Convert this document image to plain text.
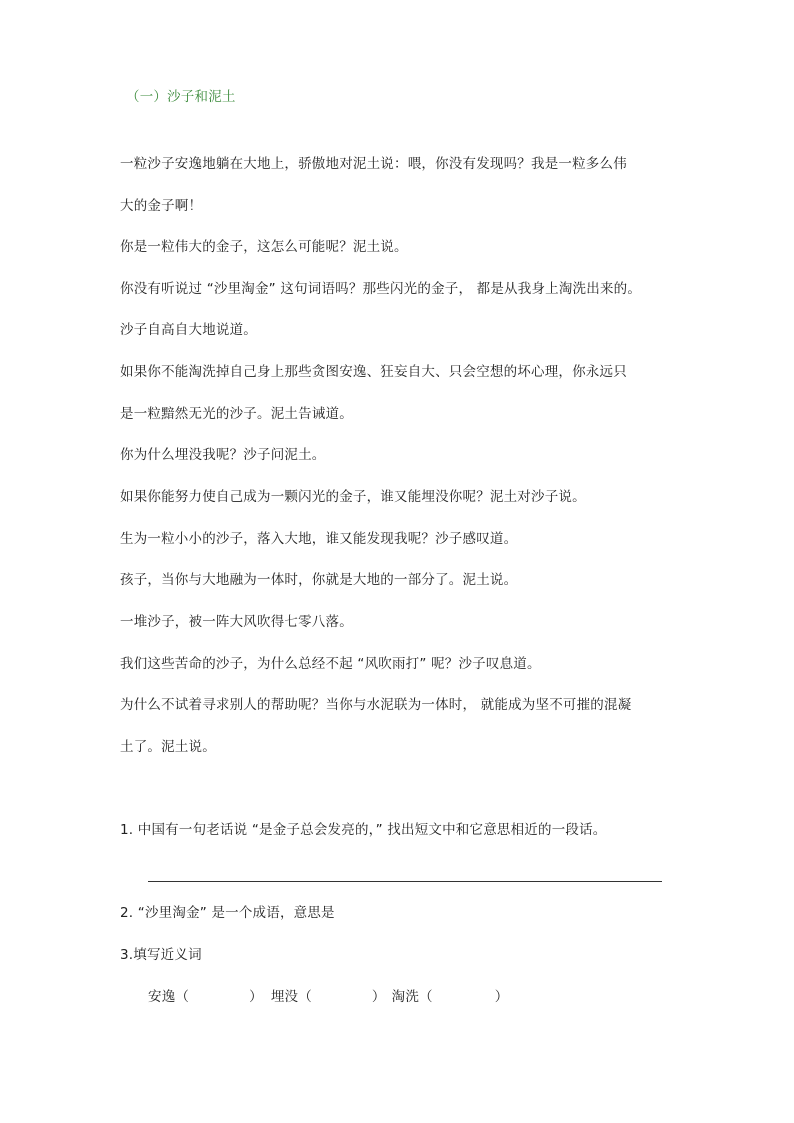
（一）沙子和泥土
一粒沙子安逸地躺在大地上，骄傲地对泥土说：喂，你没有发现吗？我是一粒多么伟
大的金子啊！
你是一粒伟大的金子，这怎么可能呢？泥土说。
你没有听说过 “沙里淘金” 这句词语吗？那些闪光的金子， 都是从我身上淘洗出来的。
沙子自高自大地说道。
如果你不能淘洗掉自己身上那些贪图安逸、狂妄自大、只会空想的坏心理，你永远只
是一粒黯然无光的沙子。泥土告诫道。
你为什么埋没我呢？沙子问泥土。
如果你能努力使自己成为一颗闪光的金子，谁又能埋没你呢？泥土对沙子说。
生为一粒小小的沙子，落入大地，谁又能发现我呢？沙子感叹道。
孩子，当你与大地融为一体时，你就是大地的一部分了。泥土说。
一堆沙子，被一阵大风吹得七零八落。
我们这些苦命的沙子，为什么总经不起 “风吹雨打” 呢？沙子叹息道。
为什么不试着寻求别人的帮助呢？当你与水泥联为一体时， 就能成为坚不可摧的混凝
土了。泥土说。
1. 中国有一句老话说 “是金子总会发亮的，” 找出短文中和它意思相近的一段话。
2. “沙里淘金” 是一个成语，意思是
3.填写近义词
安逸（	） 埋没（	） 淘洗（	）
